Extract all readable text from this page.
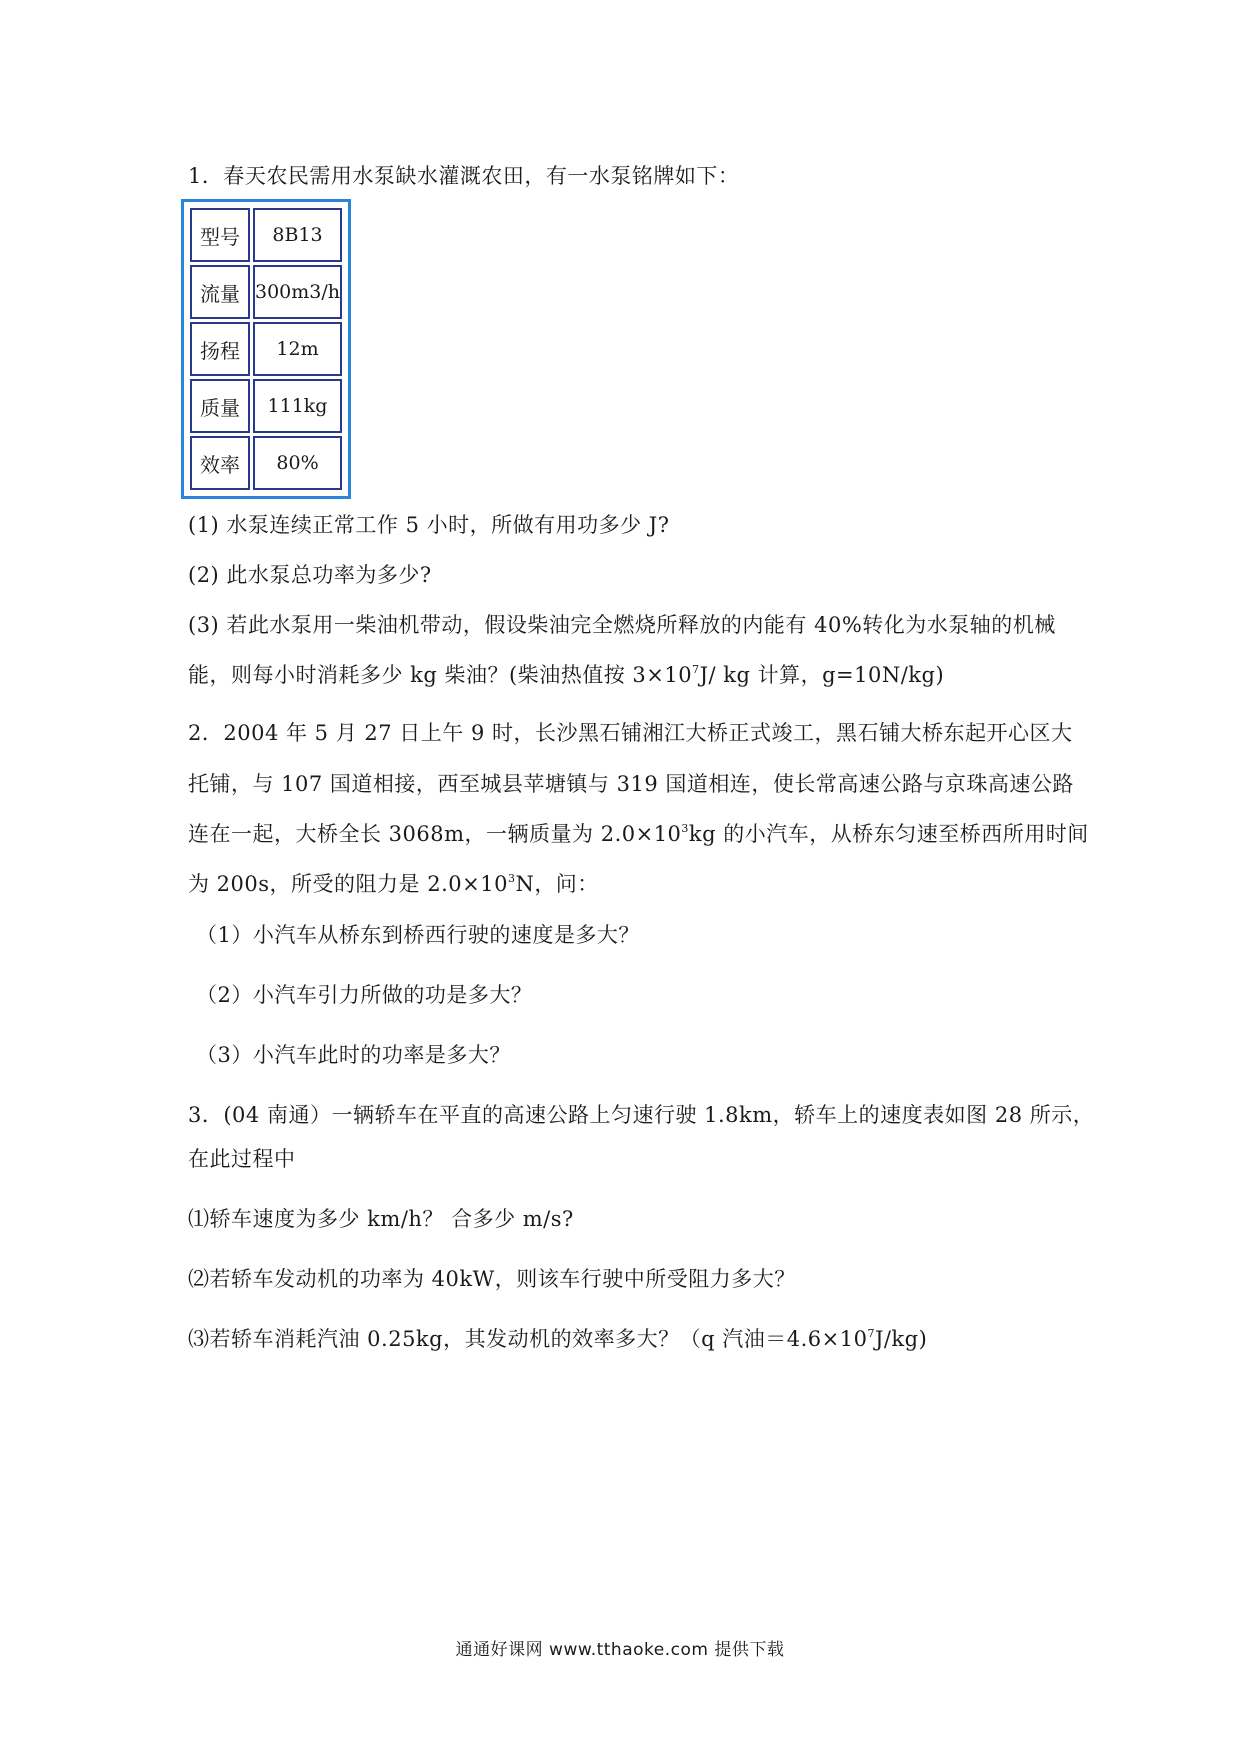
1．春天农民需用水泵缺水灌溉农田，有一水泵铭牌如下：
型号	8B13
流量	300m3/h
扬程	12m
质量	111kg
效率	80%
(1) 水泵连续正常工作 5 小时，所做有用功多少 J?
(2) 此水泵总功率为多少?
(3) 若此水泵用一柴油机带动，假设柴油完全燃烧所释放的内能有 40%转化为水泵轴的机械
能，则每小时消耗多少 kg 柴油？(柴油热值按 $3\times 10^7J/$ kg 计算，g=10N/kg)
2．2004 年 5 月 27 日上午 9 时，长沙黑石铺湘江大桥正式竣工，黑石铺大桥东起开心区大
托铺，与 107 国道相接，西至城县苹塘镇与 319 国道相连，使长常高速公路与京珠高速公路
连在一起，大桥全长 3068m，一辆质量为 $2.0\times 10^3kg$ 的小汽车，从桥东匀速至桥西所用时间
为 200s，所受的阻力是 $2.0\times 10^3N$，问：
（1）小汽车从桥东到桥西行驶的速度是多大？
（2）小汽车引力所做的功是多大？
（3）小汽车此时的功率是多大？
3．(04 南通）一辆轿车在平直的高速公路上匀速行驶 1.8km，轿车上的速度表如图 28 所示，
在此过程中
⑴轿车速度为多少 km/h？ 合多少 m/s?
⑵若轿车发动机的功率为 40kW，则该车行驶中所受阻力多大？
⑶若轿车消耗汽油 0.25kg，其发动机的效率多大？（q 汽油$=4.6\times 10^7J/kg$)
通通好课网 www.tthaoke.com 提供下载
